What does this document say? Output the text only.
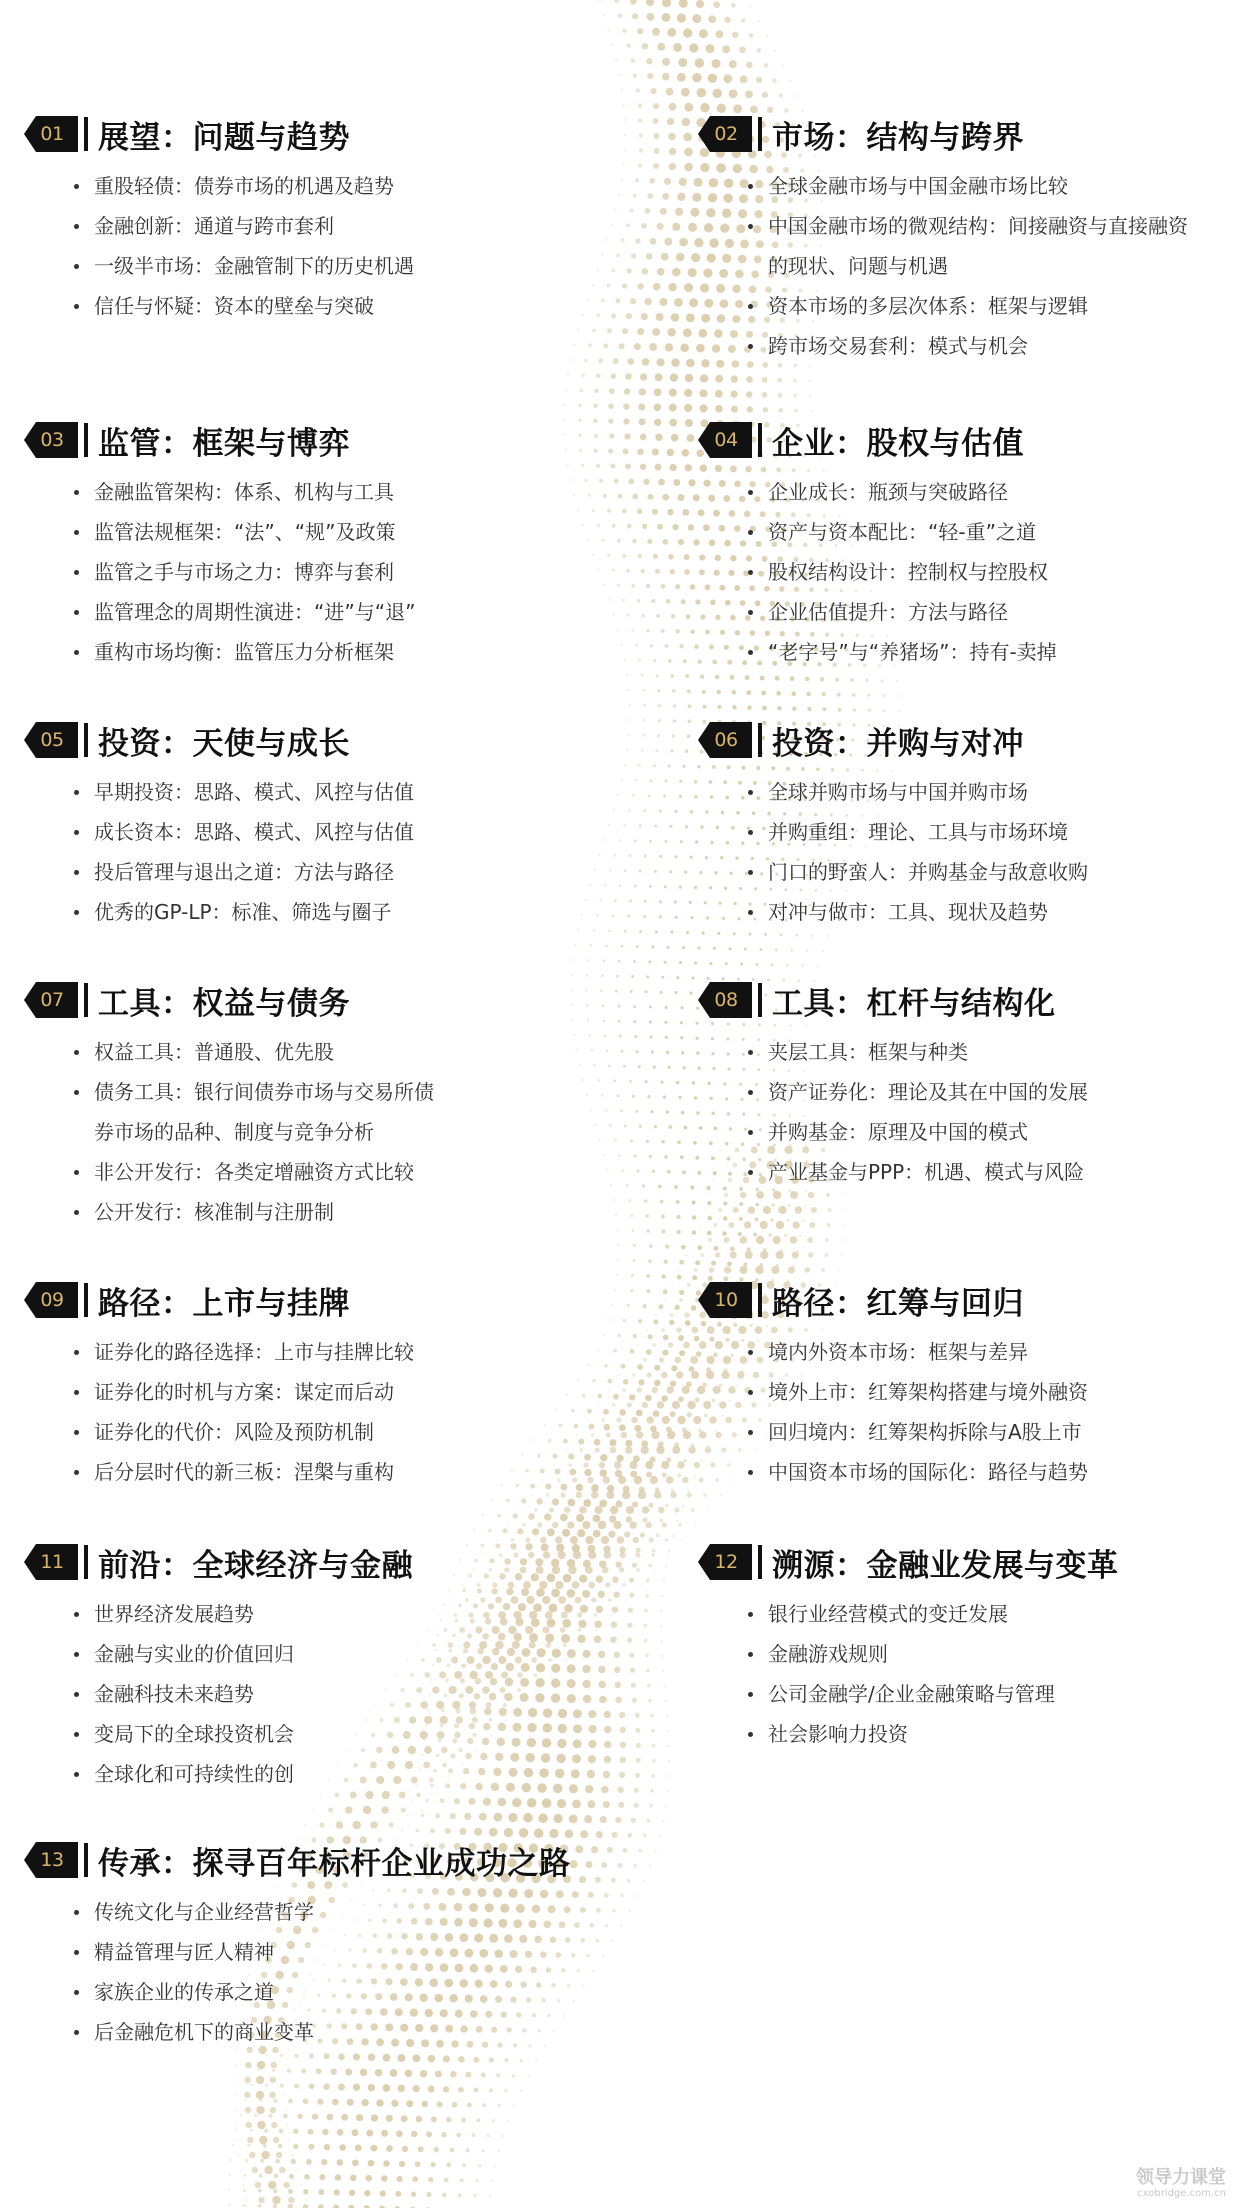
01 展望：问题与趋势
重股轻债：债券市场的机遇及趋势
金融创新：通道与跨市套利
一级半市场：金融管制下的历史机遇
信任与怀疑：资本的壁垒与突破
02 市场：结构与跨界
全球金融市场与中国金融市场比较
中国金融市场的微观结构：间接融资与直接融资
的现状、问题与机遇
资本市场的多层次体系：框架与逻辑
跨市场交易套利：模式与机会
03 监管：框架与博弈
金融监管架构：体系、机构与工具
监管法规框架：“法”、“规”及政策
监管之手与市场之力：博弈与套利
监管理念的周期性演进：“进”与“退”
重构市场均衡：监管压力分析框架
04 企业：股权与估值
企业成长：瓶颈与突破路径
资产与资本配比：“轻-重”之道
股权结构设计：控制权与控股权
企业估值提升：方法与路径
“老字号”与“养猪场”：持有-卖掉
05 投资：天使与成长
早期投资：思路、模式、风控与估值
成长资本：思路、模式、风控与估值
投后管理与退出之道：方法与路径
优秀的GP-LP：标准、筛选与圈子
06 投资：并购与对冲
全球并购市场与中国并购市场
并购重组：理论、工具与市场环境
门口的野蛮人：并购基金与敌意收购
对冲与做市：工具、现状及趋势
07 工具：权益与债务
权益工具：普通股、优先股
债务工具：银行间债券市场与交易所债
券市场的品种、制度与竞争分析
非公开发行：各类定增融资方式比较
公开发行：核准制与注册制
08 工具：杠杆与结构化
夹层工具：框架与种类
资产证券化：理论及其在中国的发展
并购基金：原理及中国的模式
产业基金与PPP：机遇、模式与风险
09 路径：上市与挂牌
证券化的路径选择：上市与挂牌比较
证券化的时机与方案：谋定而后动
证券化的代价：风险及预防机制
后分层时代的新三板：涅槃与重构
10 路径：红筹与回归
境内外资本市场：框架与差异
境外上市：红筹架构搭建与境外融资
回归境内：红筹架构拆除与A股上市
中国资本市场的国际化：路径与趋势
11 前沿：全球经济与金融
世界经济发展趋势
金融与实业的价值回归
金融科技未来趋势
变局下的全球投资机会
全球化和可持续性的创
12 溯源：金融业发展与变革
银行业经营模式的变迁发展
金融游戏规则
公司金融学/企业金融策略与管理
社会影响力投资
13 传承：探寻百年标杆企业成功之路
传统文化与企业经营哲学
精益管理与匠人精神
家族企业的传承之道
后金融危机下的商业变革
领导力课堂
cxobridge.com.cn
